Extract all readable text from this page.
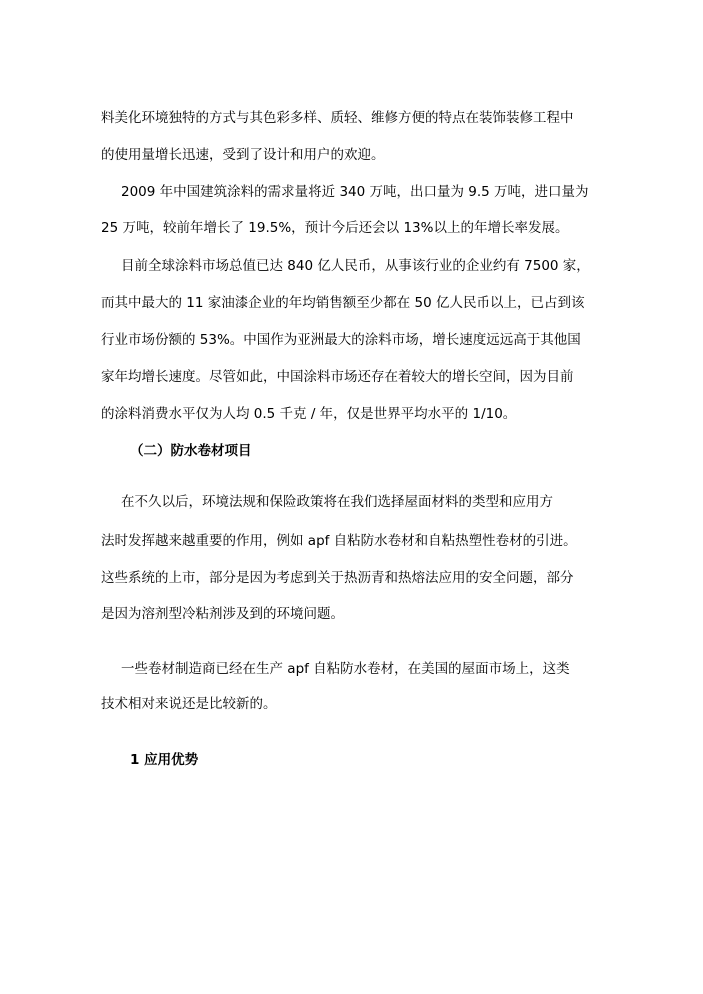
料美化环境独特的方式与其色彩多样、质轻、维修方便的特点在装饰装修工程中
的使用量增长迅速，受到了设计和用户的欢迎。
2009 年中国建筑涂料的需求量将近 340 万吨，出口量为 9.5 万吨，进口量为
25 万吨，较前年增长了 19.5%，预计今后还会以 13%以上的年增长率发展。
目前全球涂料市场总值已达 840 亿人民币，从事该行业的企业约有 7500 家，
而其中最大的 11 家油漆企业的年均销售额至少都在 50 亿人民币以上，已占到该
行业市场份额的 53%。中国作为亚洲最大的涂料市场，增长速度远远高于其他国
家年均增长速度。尽管如此，中国涂料市场还存在着较大的增长空间，因为目前
的涂料消费水平仅为人均 0.5 千克 / 年，仅是世界平均水平的 1/10。
（二）防水卷材项目
在不久以后，环境法规和保险政策将在我们选择屋面材料的类型和应用方
法时发挥越来越重要的作用，例如 apf 自粘防水卷材和自粘热塑性卷材的引进。
这些系统的上市，部分是因为考虑到关于热沥青和热熔法应用的安全问题，部分
是因为溶剂型冷粘剂涉及到的环境问题。
一些卷材制造商已经在生产 apf 自粘防水卷材，在美国的屋面市场上，这类
技术相对来说还是比较新的。
1 应用优势
